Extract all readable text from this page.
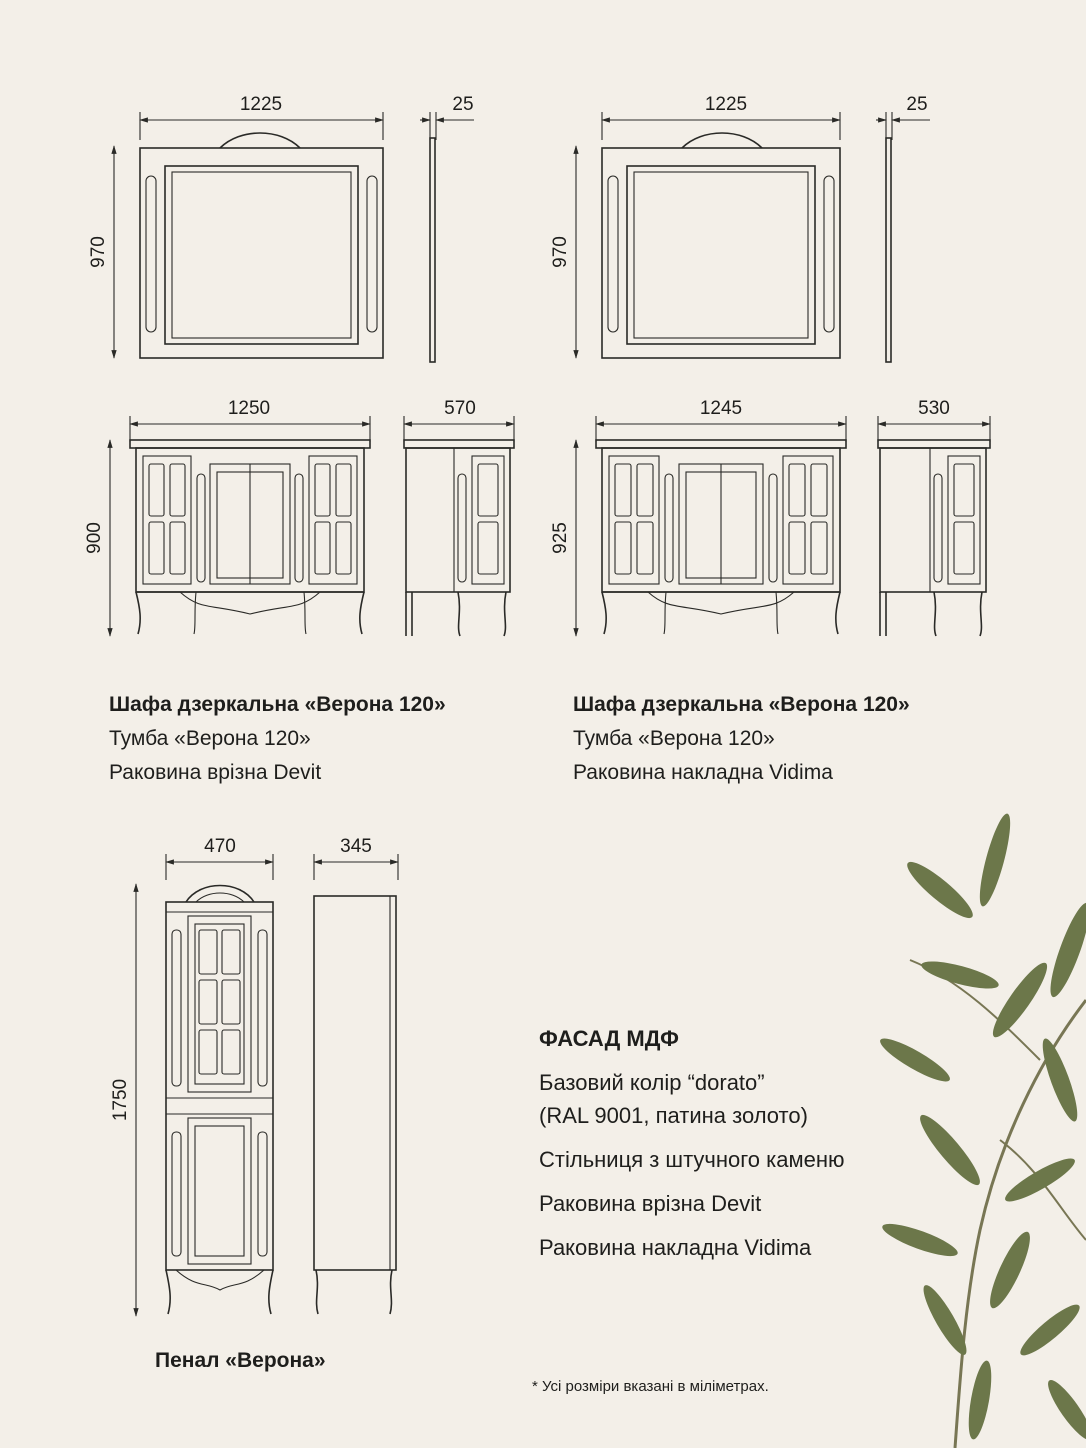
1225
970
25	1225
970
25
1250
900
570	1245
925
530
470
1750
345
Шафа дзеркальна «Верона 120»
Тумба «Верона 120»
Раковина врізна Devit
Шафа дзеркальна «Верона 120»
Тумба «Верона 120»
Раковина накладна Vidima
Пенал «Верона»
ФАСАД МДФ
Базовий колір “dorato”
(RAL 9001, патина золото)
Стільниця з штучного каменю
Раковина врізна Devit
Раковина накладна Vidima
* Усі розміри вказані в міліметрах.
